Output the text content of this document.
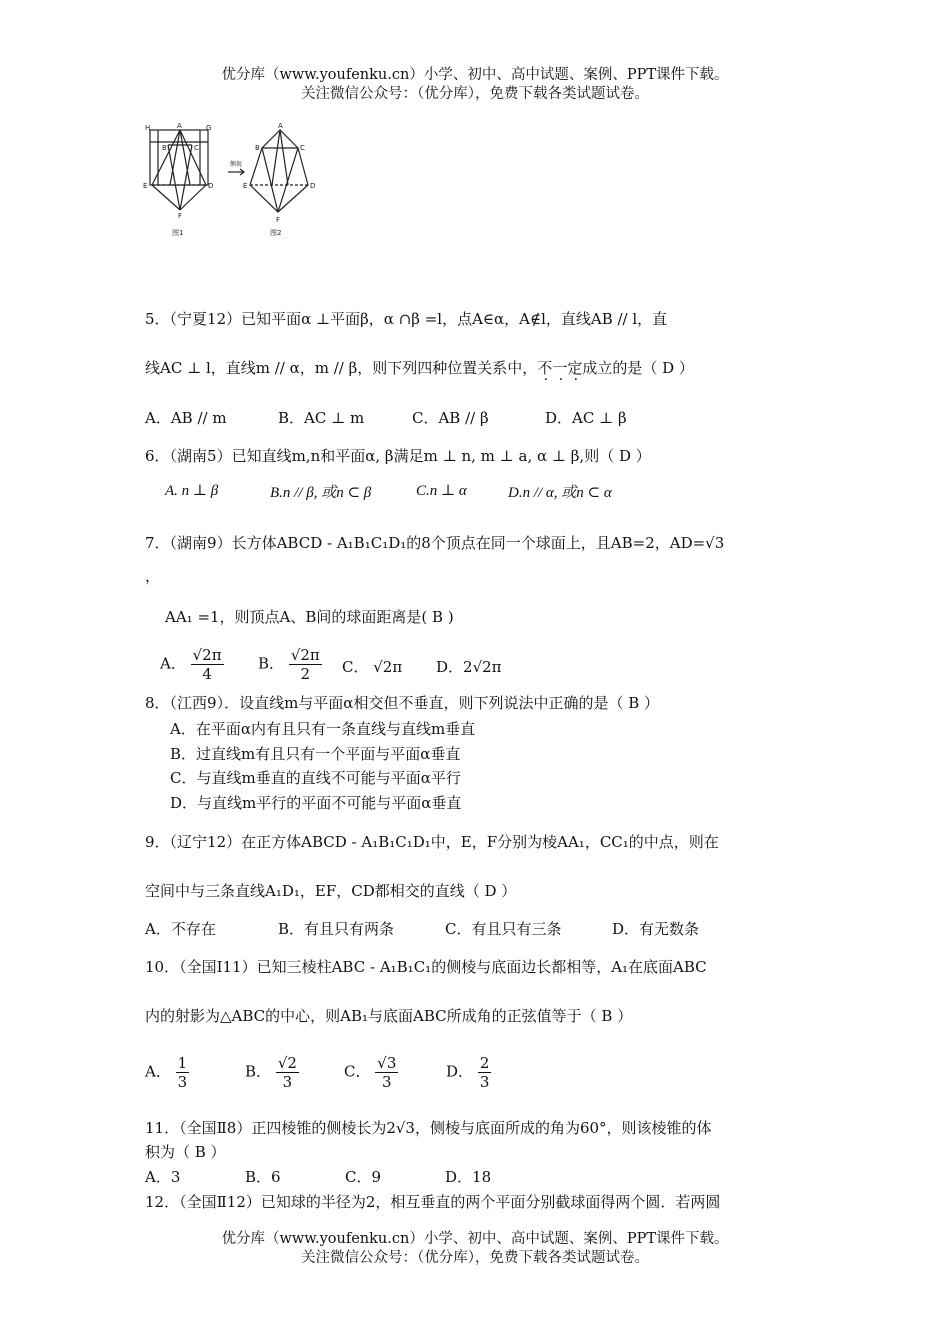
优分库（www.youfenku.cn）小学、初中、高中试题、案例、PPT课件下载。
关注微信公众号：（优分库），免费下载各类试题试卷。
H	A	G
B	C
E	D
F
A
B	C
E	D
F
侧视
图1	图2
5．（宁夏12）已知平面α ⊥平面β，α ∩β =l，点A∈α，A∉l，直线AB // l，直
线AC ⊥ l，直线m // α，m // β，则下列四种位置关系中，不一定成立的是（ D ）
A．AB // m	B．AC ⊥ m	C．AB // β	D．AC ⊥ β
6．（湖南5）已知直线m,n和平面α, β满足m ⊥ n, m ⊥ a, α ⊥ β,则（ D ）
A. n ⊥ β	B.n // β, 或n ⊂ β	C.n ⊥ α	D.n // α, 或n ⊂ α
7．（湖南9）长方体ABCD - A₁B₁C₁D₁的8个顶点在同一个球面上，且AB=2，AD=√3
，
AA₁ =1，则顶点A、B间的球面距离是( B )
A． $\frac{√2\pi}{4}$ B． $\frac{√2\pi}{2}$ C． √2π D．2√2π
8．（江西9）．设直线m与平面α相交但不垂直，则下列说法中正确的是（ B ）
A．在平面α内有且只有一条直线与直线m垂直
B．过直线m有且只有一个平面与平面α垂直
C．与直线m垂直的直线不可能与平面α平行
D．与直线m平行的平面不可能与平面α垂直
9．（辽宁12）在正方体ABCD - A₁B₁C₁D₁中，E，F分别为棱AA₁，CC₁的中点，则在
空间中与三条直线A₁D₁，EF，CD都相交的直线（ D ）
A．不存在	B．有且只有两条	C．有且只有三条	D．有无数条
10．（全国Ⅰ11）已知三棱柱ABC - A₁B₁C₁的侧棱与底面边长都相等，A₁在底面ABC
内的射影为△ABC的中心，则AB₁与底面ABC所成角的正弦值等于（ B ）
A． $\frac{1}{3}$	B． $\frac{√2}{3}$	C． $\frac{√3}{3}$	D． $\frac{2}{3}$
11．（全国Ⅱ8）正四棱锥的侧棱长为2√3，侧棱与底面所成的角为60°，则该棱锥的体
积为（ B ）
A．3	B．6	C．9	D．18
12．（全国Ⅱ12）已知球的半径为2，相互垂直的两个平面分别截球面得两个圆．若两圆
优分库（www.youfenku.cn）小学、初中、高中试题、案例、PPT课件下载。
关注微信公众号：（优分库），免费下载各类试题试卷。
